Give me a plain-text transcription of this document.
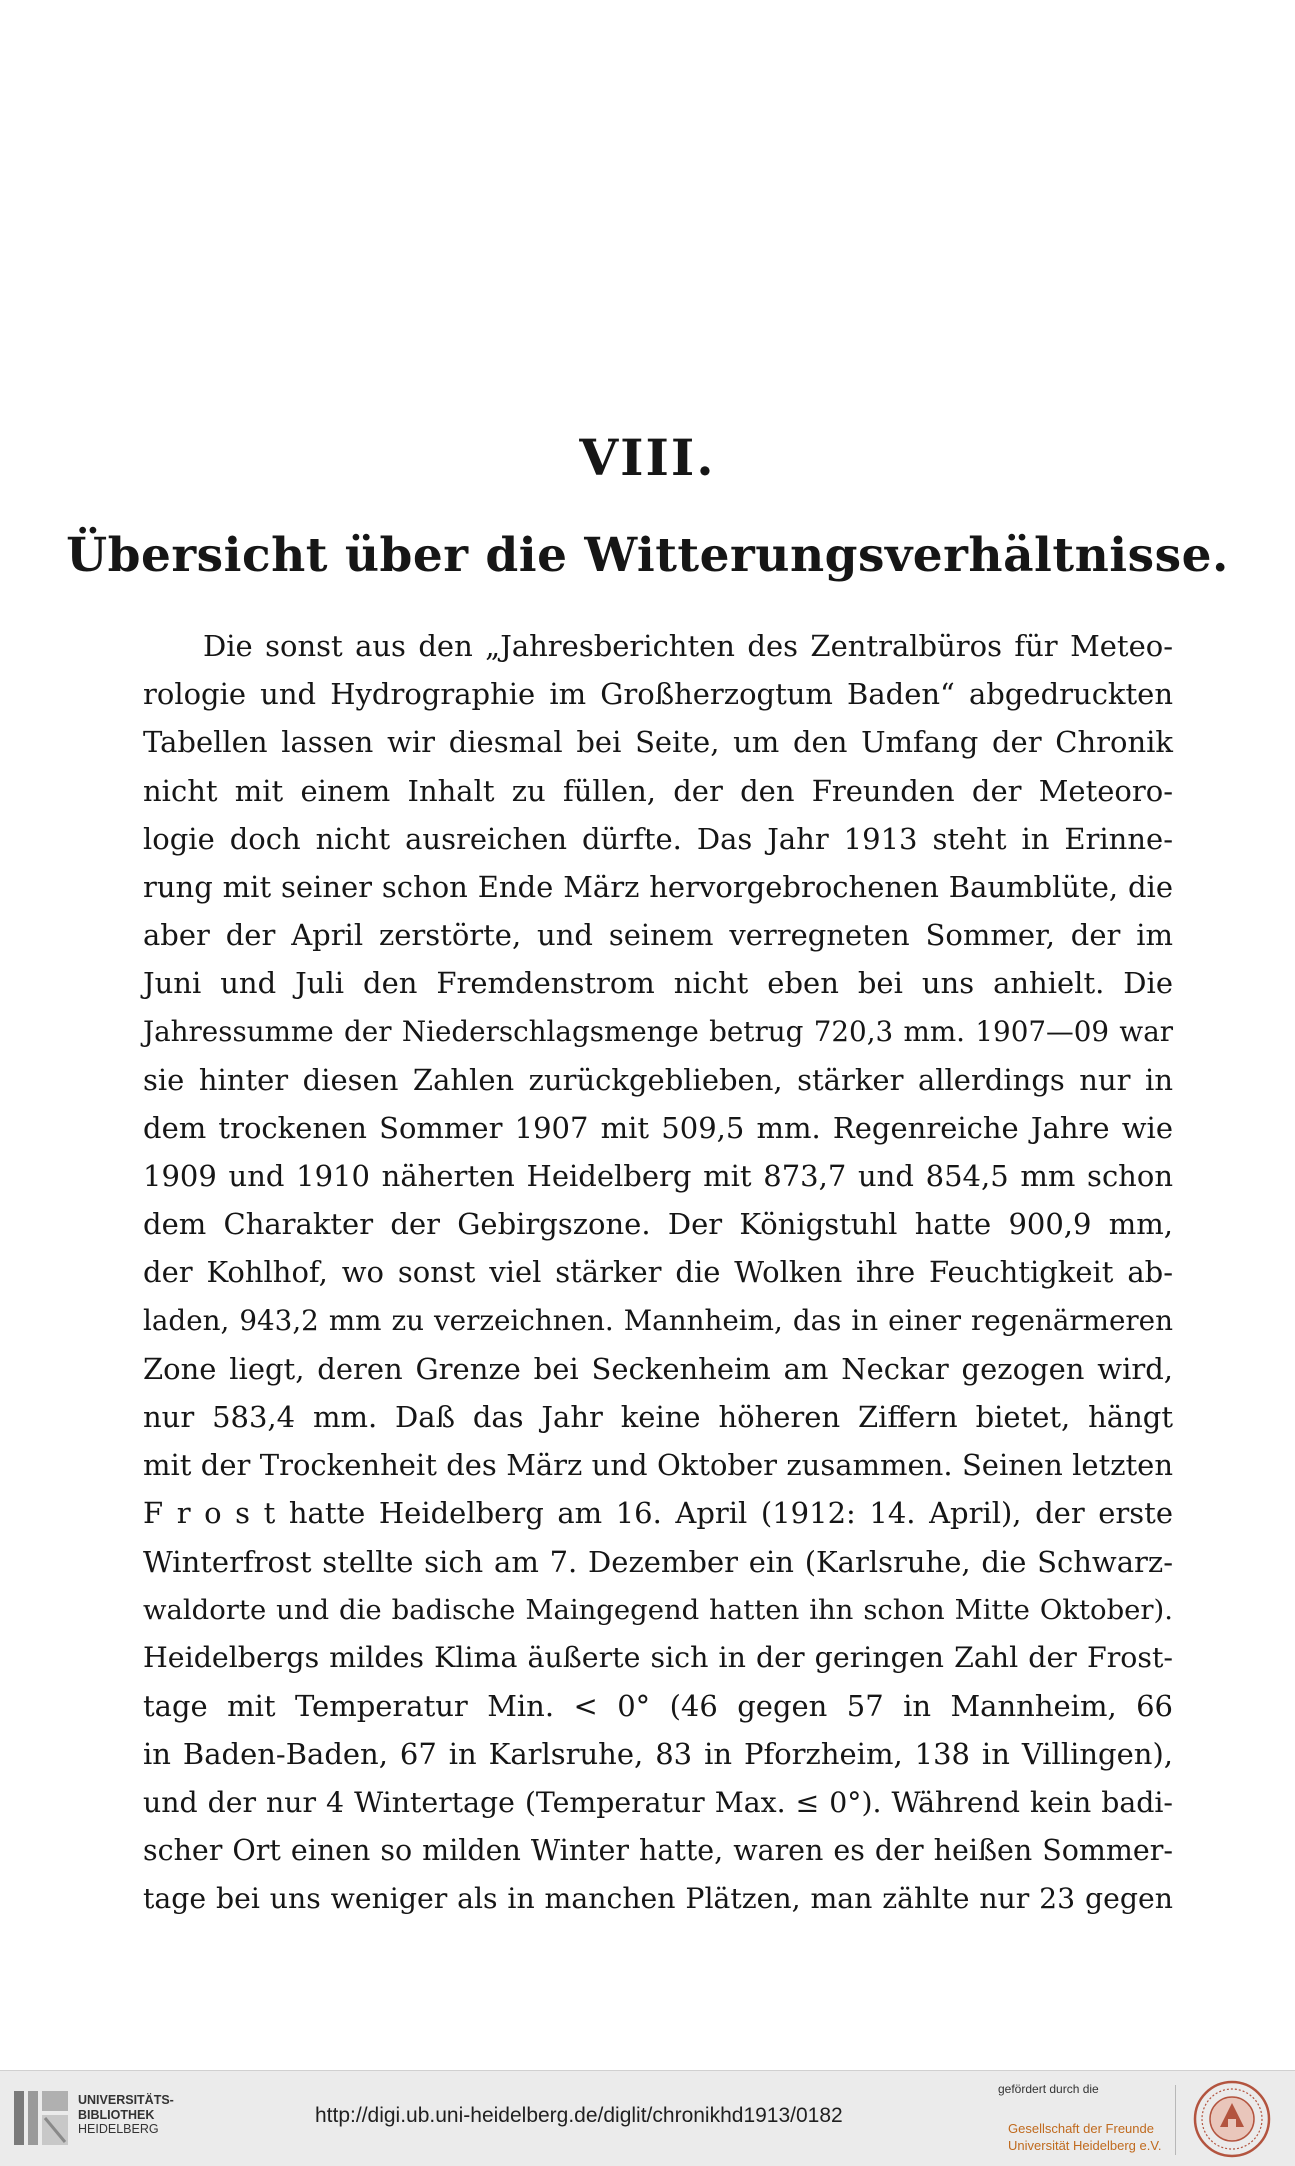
VIII.
Übersicht über die Witterungsverhältnisse.
Die sonst aus den „Jahresberichten des Zentralbüros für Meteo-
rologie und Hydrographie im Großherzogtum Baden“ abgedruckten
Tabellen lassen wir diesmal bei Seite, um den Umfang der Chronik
nicht mit einem Inhalt zu füllen, der den Freunden der Meteoro-
logie doch nicht ausreichen dürfte. Das Jahr 1913 steht in Erinne-
rung mit seiner schon Ende März hervorgebrochenen Baumblüte, die
aber der April zerstörte, und seinem verregneten Sommer, der im
Juni und Juli den Fremdenstrom nicht eben bei uns anhielt. Die
Jahressumme der Niederschlagsmenge betrug 720,3 mm. 1907—09 war
sie hinter diesen Zahlen zurückgeblieben, stärker allerdings nur in
dem trockenen Sommer 1907 mit 509,5 mm. Regenreiche Jahre wie
1909 und 1910 näherten Heidelberg mit 873,7 und 854,5 mm schon
dem Charakter der Gebirgszone. Der Königstuhl hatte 900,9 mm,
der Kohlhof, wo sonst viel stärker die Wolken ihre Feuchtigkeit ab-
laden, 943,2 mm zu verzeichnen. Mannheim, das in einer regenärmeren
Zone liegt, deren Grenze bei Seckenheim am Neckar gezogen wird,
nur 583,4 mm. Daß das Jahr keine höheren Ziffern bietet, hängt
mit der Trockenheit des März und Oktober zusammen. Seinen letzten
F r o s t hatte Heidelberg am 16. April (1912: 14. April), der erste
Winterfrost stellte sich am 7. Dezember ein (Karlsruhe, die Schwarz-
waldorte und die badische Maingegend hatten ihn schon Mitte Oktober).
Heidelbergs mildes Klima äußerte sich in der geringen Zahl der Frost-
tage mit Temperatur Min. < 0° (46 gegen 57 in Mannheim, 66
in Baden-Baden, 67 in Karlsruhe, 83 in Pforzheim, 138 in Villingen),
und der nur 4 Wintertage (Temperatur Max. ≤ 0°). Während kein badi-
scher Ort einen so milden Winter hatte, waren es der heißen Sommer-
tage bei uns weniger als in manchen Plätzen, man zählte nur 23 gegen
UNIVERSITÄTS-
BIBLIOTHEK
HEIDELBERG
http://digi.ub.uni-heidelberg.de/diglit/chronikhd1913/0182
gefördert durch die
Gesellschaft der Freunde
Universität Heidelberg e.V.
